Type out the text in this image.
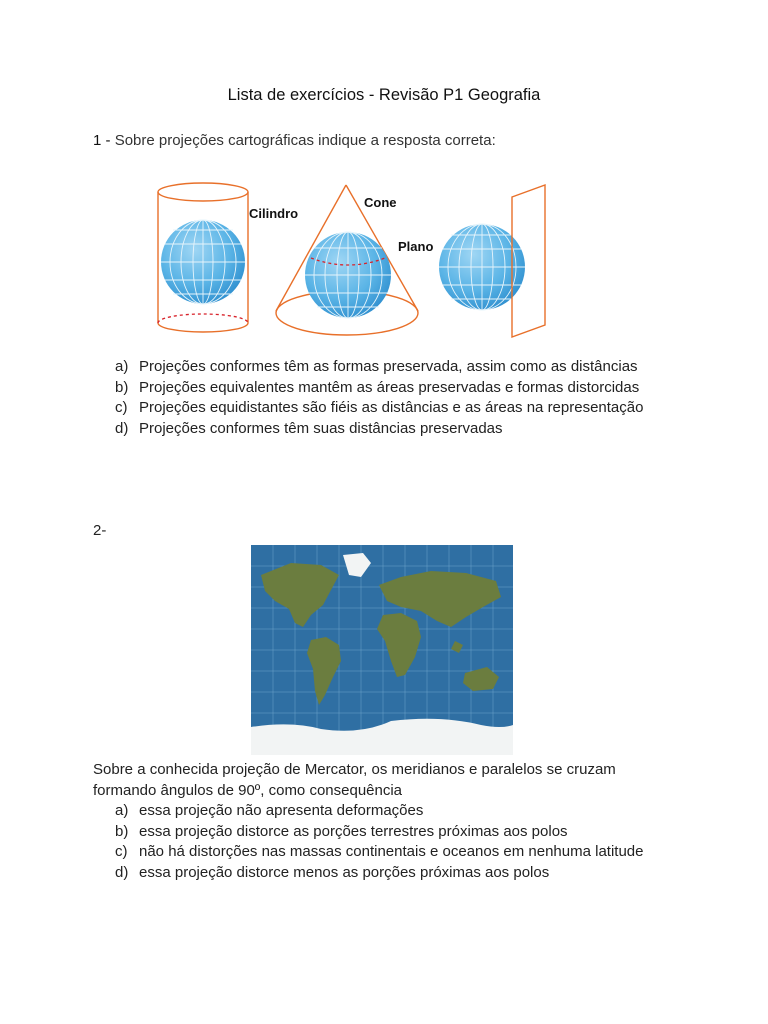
Lista de exercícios - Revisão P1 Geografia
1 - Sobre projeções cartográficas indique a resposta correta:
Cilindro
Cone
Plano
a) Projeções conformes têm as formas preservada, assim como as distâncias
b) Projeções equivalentes mantêm as áreas preservadas e formas distorcidas
c) Projeções equidistantes são fiéis as distâncias e as áreas na representação
d) Projeções conformes têm suas distâncias preservadas
2-
Sobre a conhecida projeção de Mercator, os meridianos e paralelos se cruzam formando ângulos de 90º, como consequência
a) essa projeção não apresenta deformações
b) essa projeção distorce as porções terrestres próximas aos polos
c) não há distorções nas massas continentais e oceanos em nenhuma latitude
d) essa projeção distorce menos as porções próximas aos polos
